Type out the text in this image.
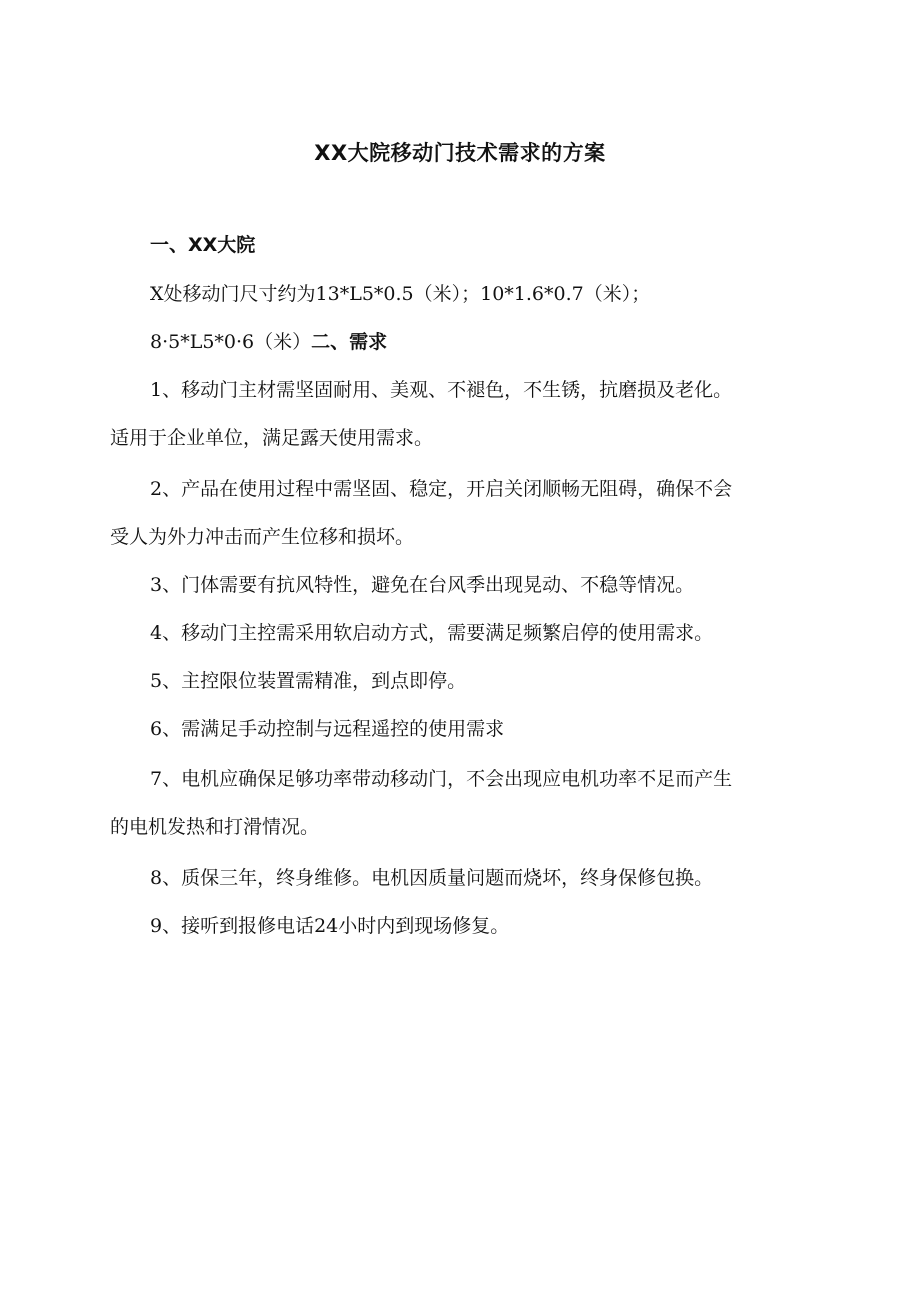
XX大院移动门技术需求的方案
一、XX大院
X处移动门尺寸约为13*L5*0.5（米）；10*1.6*0.7（米）；
8·5*L5*0·6（米）二、需求
1、移动门主材需坚固耐用、美观、不褪色，不生锈，抗磨损及老化。
适用于企业单位，满足露天使用需求。
2、产品在使用过程中需坚固、稳定，开启关闭顺畅无阻碍，确保不会
受人为外力冲击而产生位移和损坏。
3、门体需要有抗风特性，避免在台风季出现晃动、不稳等情况。
4、移动门主控需采用软启动方式，需要满足频繁启停的使用需求。
5、主控限位装置需精准，到点即停。
6、需满足手动控制与远程遥控的使用需求
7、电机应确保足够功率带动移动门，不会出现应电机功率不足而产生
的电机发热和打滑情况。
8、质保三年，终身维修。电机因质量问题而烧坏，终身保修包换。
9、接听到报修电话24小时内到现场修复。
